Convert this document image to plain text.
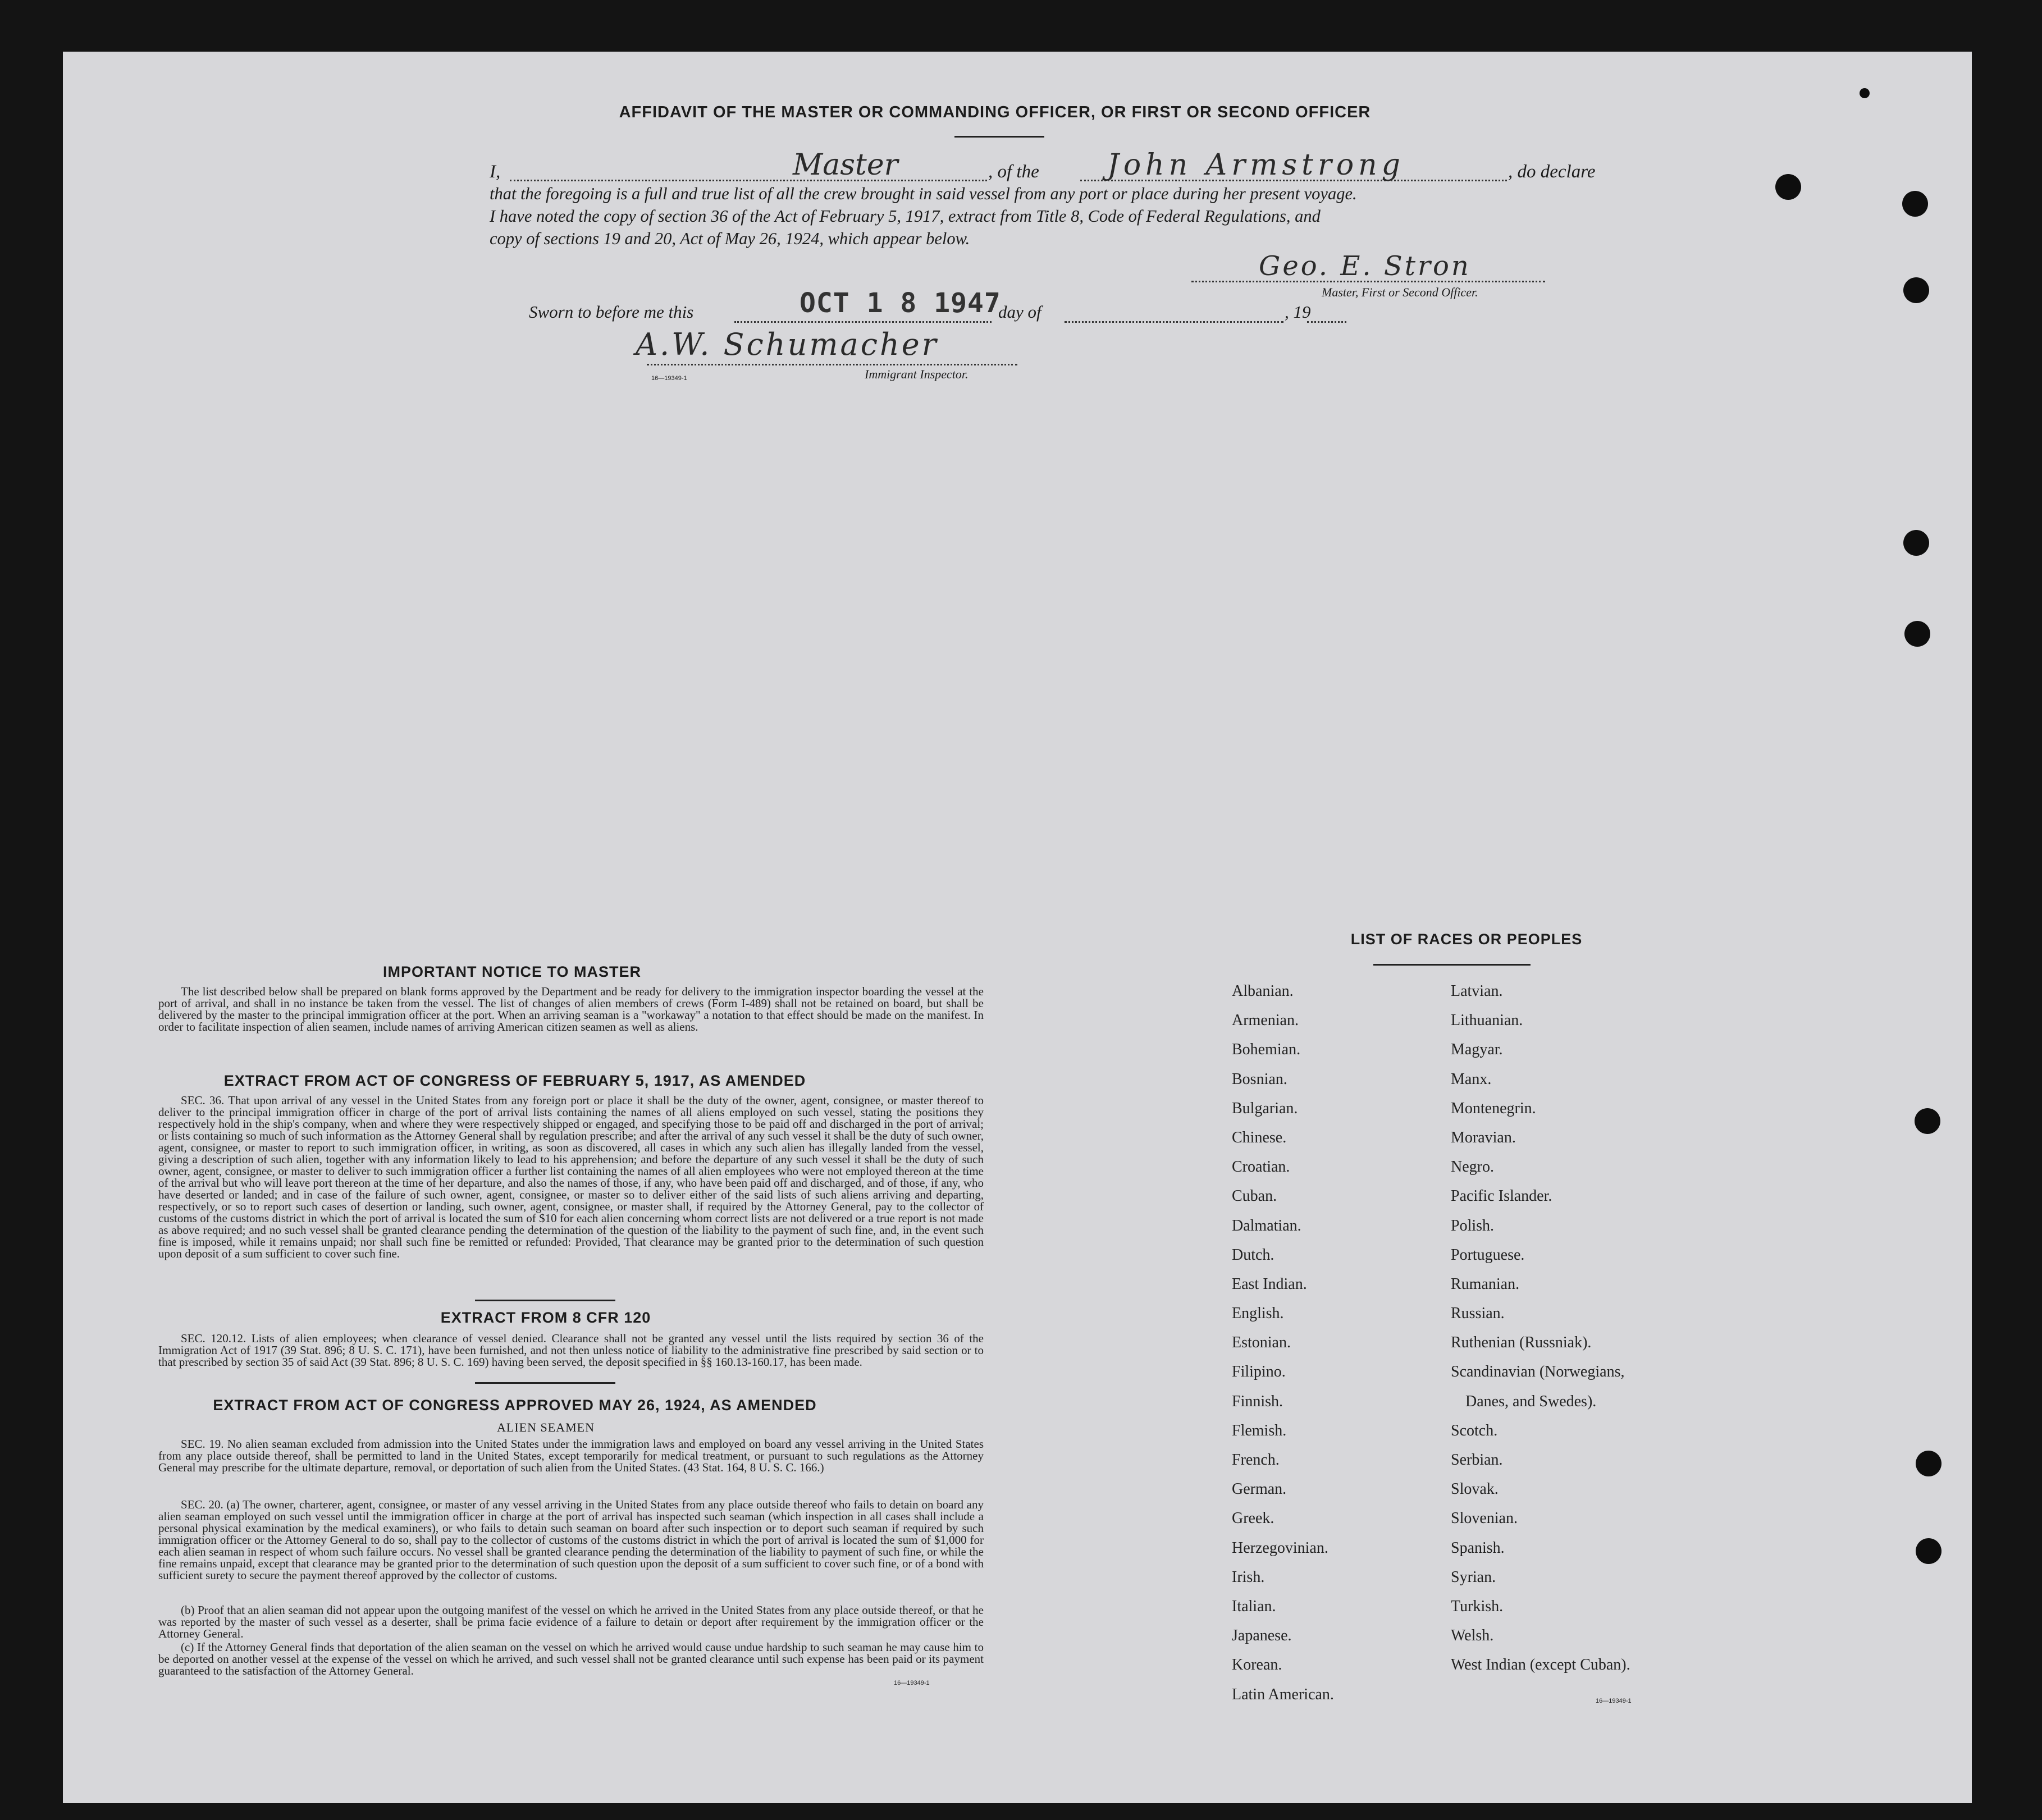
AFFIDAVIT OF THE MASTER OR COMMANDING OFFICER, OR FIRST OR SECOND OFFICER
I,	Master	, of the John Armstrong	, do declare
that the foregoing is a full and true list of all the crew brought in said vessel from any port or place during her present voyage.
I have noted the copy of section 36 of the Act of February 5, 1917, extract from Title 8, Code of Federal Regulations, and
copy of sections 19 and 20, Act of May 26, 1924, which appear below.
Geo. E. Stron
Master, First or Second Officer.
Sworn to before me this	OCT 1 8 1947
day of	, 19
A.W. Schumacher
16—19349-1	Immigrant Inspector.
IMPORTANT NOTICE TO MASTER
The list described below shall be prepared on blank forms approved by the Department and be ready for delivery to the immigration inspector boarding the vessel at the port of arrival, and shall in no instance be taken from the vessel. The list of changes of alien members of crews (Form I-489) shall not be retained on board, but shall be delivered by the master to the principal immigration officer at the port. When an arriving seaman is a "workaway" a notation to that effect should be made on the manifest. In order to facilitate inspection of alien seamen, include names of arriving American citizen seamen as well as aliens.
EXTRACT FROM ACT OF CONGRESS OF FEBRUARY 5, 1917, AS AMENDED
SEC. 36. That upon arrival of any vessel in the United States from any foreign port or place it shall be the duty of the owner, agent, consignee, or master thereof to deliver to the principal immigration officer in charge of the port of arrival lists containing the names of all aliens employed on such vessel, stating the positions they respectively hold in the ship's company, when and where they were respectively shipped or engaged, and specifying those to be paid off and discharged in the port of arrival; or lists containing so much of such information as the Attorney General shall by regulation prescribe; and after the arrival of any such vessel it shall be the duty of such owner, agent, consignee, or master to report to such immigration officer, in writing, as soon as discovered, all cases in which any such alien has illegally landed from the vessel, giving a description of such alien, together with any information likely to lead to his apprehension; and before the departure of any such vessel it shall be the duty of such owner, agent, consignee, or master to deliver to such immigration officer a further list containing the names of all alien employees who were not employed thereon at the time of the arrival but who will leave port thereon at the time of her departure, and also the names of those, if any, who have been paid off and discharged, and of those, if any, who have deserted or landed; and in case of the failure of such owner, agent, consignee, or master so to deliver either of the said lists of such aliens arriving and departing, respectively, or so to report such cases of desertion or landing, such owner, agent, consignee, or master shall, if required by the Attorney General, pay to the collector of customs of the customs district in which the port of arrival is located the sum of $10 for each alien concerning whom correct lists are not delivered or a true report is not made as above required; and no such vessel shall be granted clearance pending the determination of the question of the liability to the payment of such fine, and, in the event such fine is imposed, while it remains unpaid; nor shall such fine be remitted or refunded: Provided, That clearance may be granted prior to the determination of such question upon deposit of a sum sufficient to cover such fine.
EXTRACT FROM 8 CFR 120
SEC. 120.12. Lists of alien employees; when clearance of vessel denied. Clearance shall not be granted any vessel until the lists required by section 36 of the Immigration Act of 1917 (39 Stat. 896; 8 U. S. C. 171), have been furnished, and not then unless notice of liability to the administrative fine prescribed by said section or to that prescribed by section 35 of said Act (39 Stat. 896; 8 U. S. C. 169) having been served, the deposit specified in §§ 160.13-160.17, has been made.
EXTRACT FROM ACT OF CONGRESS APPROVED MAY 26, 1924, AS AMENDED
ALIEN SEAMEN
SEC. 19. No alien seaman excluded from admission into the United States under the immigration laws and employed on board any vessel arriving in the United States from any place outside thereof, shall be permitted to land in the United States, except temporarily for medical treatment, or pursuant to such regulations as the Attorney General may prescribe for the ultimate departure, removal, or deportation of such alien from the United States. (43 Stat. 164, 8 U. S. C. 166.)
SEC. 20. (a) The owner, charterer, agent, consignee, or master of any vessel arriving in the United States from any place outside thereof who fails to detain on board any alien seaman employed on such vessel until the immigration officer in charge at the port of arrival has inspected such seaman (which inspection in all cases shall include a personal physical examination by the medical examiners), or who fails to detain such seaman on board after such inspection or to deport such seaman if required by such immigration officer or the Attorney General to do so, shall pay to the collector of customs of the customs district in which the port of arrival is located the sum of $1,000 for each alien seaman in respect of whom such failure occurs. No vessel shall be granted clearance pending the determination of the liability to payment of such fine, or while the fine remains unpaid, except that clearance may be granted prior to the determination of such question upon the deposit of a sum sufficient to cover such fine, or of a bond with sufficient surety to secure the payment thereof approved by the collector of customs.
(b) Proof that an alien seaman did not appear upon the outgoing manifest of the vessel on which he arrived in the United States from any place outside thereof, or that he was reported by the master of such vessel as a deserter, shall be prima facie evidence of a failure to detain or deport after requirement by the immigration officer or the Attorney General.
(c) If the Attorney General finds that deportation of the alien seaman on the vessel on which he arrived would cause undue hardship to such seaman he may cause him to be deported on another vessel at the expense of the vessel on which he arrived, and such vessel shall not be granted clearance until such expense has been paid or its payment guaranteed to the satisfaction of the Attorney General.
16—19349-1
LIST OF RACES OR PEOPLES
Albanian.
Armenian.
Bohemian.
Bosnian.
Bulgarian.
Chinese.
Croatian.
Cuban.
Dalmatian.
Dutch.
East Indian.
English.
Estonian.
Filipino.
Finnish.
Flemish.
French.
German.
Greek.
Herzegovinian.
Irish.
Italian.
Japanese.
Korean.
Latin American.
Latvian.
Lithuanian.
Magyar.
Manx.
Montenegrin.
Moravian.
Negro.
Pacific Islander.
Polish.
Portuguese.
Rumanian.
Russian.
Ruthenian (Russniak).
Scandinavian (Norwegians,
Danes, and Swedes).
Scotch.
Serbian.
Slovak.
Slovenian.
Spanish.
Syrian.
Turkish.
Welsh.
West Indian (except Cuban).
16—19349-1
